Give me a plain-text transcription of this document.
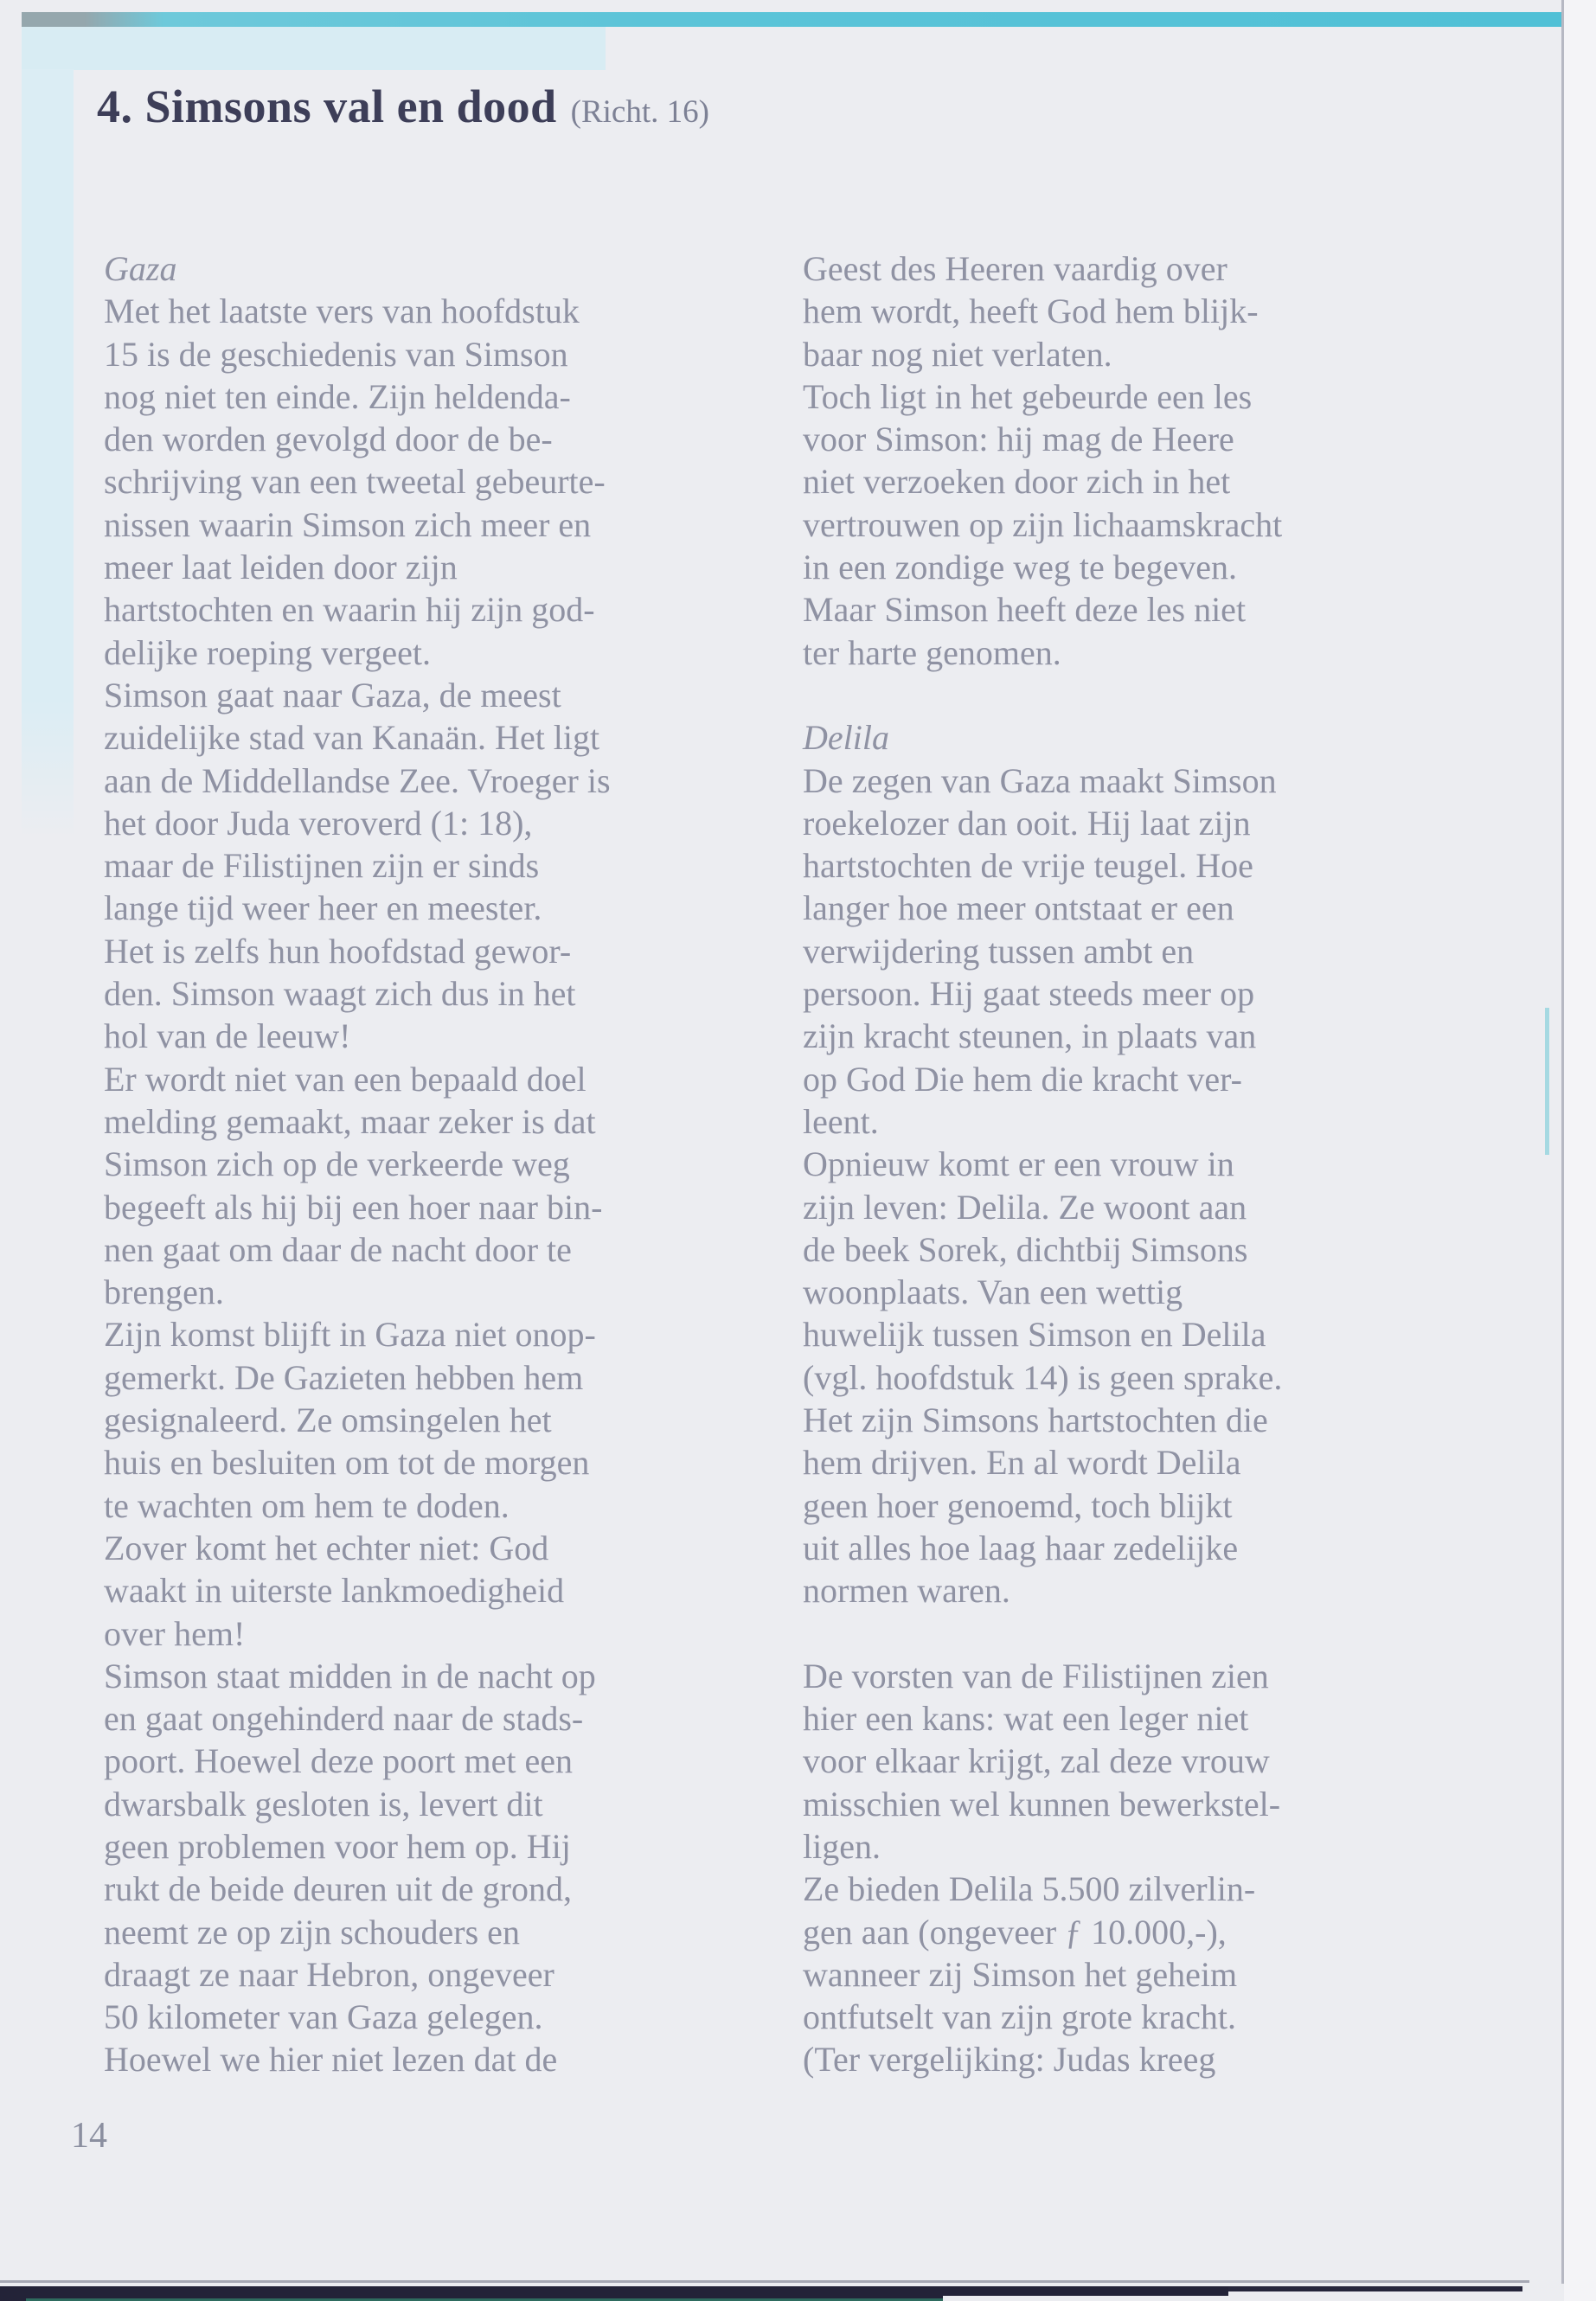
4. Simsons val en dood (Richt. 16)
Gaza
Met het laatste vers van hoofdstuk
15 is de geschiedenis van Simson
nog niet ten einde. Zijn heldenda-
den worden gevolgd door de be-
schrijving van een tweetal gebeurte-
nissen waarin Simson zich meer en
meer laat leiden door zijn
hartstochten en waarin hij zijn god-
delijke roeping vergeet.
Simson gaat naar Gaza, de meest
zuidelijke stad van Kanaän. Het ligt
aan de Middellandse Zee. Vroeger is
het door Juda veroverd (1: 18),
maar de Filistijnen zijn er sinds
lange tijd weer heer en meester.
Het is zelfs hun hoofdstad gewor-
den. Simson waagt zich dus in het
hol van de leeuw!
Er wordt niet van een bepaald doel
melding gemaakt, maar zeker is dat
Simson zich op de verkeerde weg
begeeft als hij bij een hoer naar bin-
nen gaat om daar de nacht door te
brengen.
Zijn komst blijft in Gaza niet onop-
gemerkt. De Gazieten hebben hem
gesignaleerd. Ze omsingelen het
huis en besluiten om tot de morgen
te wachten om hem te doden.
Zover komt het echter niet: God
waakt in uiterste lankmoedigheid
over hem!
Simson staat midden in de nacht op
en gaat ongehinderd naar de stads-
poort. Hoewel deze poort met een
dwarsbalk gesloten is, levert dit
geen problemen voor hem op. Hij
rukt de beide deuren uit de grond,
neemt ze op zijn schouders en
draagt ze naar Hebron, ongeveer
50 kilometer van Gaza gelegen.
Hoewel we hier niet lezen dat de
Geest des Heeren vaardig over
hem wordt, heeft God hem blijk-
baar nog niet verlaten.
Toch ligt in het gebeurde een les
voor Simson: hij mag de Heere
niet verzoeken door zich in het
vertrouwen op zijn lichaamskracht
in een zondige weg te begeven.
Maar Simson heeft deze les niet
ter harte genomen.
Delila
De zegen van Gaza maakt Simson
roekelozer dan ooit. Hij laat zijn
hartstochten de vrije teugel. Hoe
langer hoe meer ontstaat er een
verwijdering tussen ambt en
persoon. Hij gaat steeds meer op
zijn kracht steunen, in plaats van
op God Die hem die kracht ver-
leent.
Opnieuw komt er een vrouw in
zijn leven: Delila. Ze woont aan
de beek Sorek, dichtbij Simsons
woonplaats. Van een wettig
huwelijk tussen Simson en Delila
(vgl. hoofdstuk 14) is geen sprake.
Het zijn Simsons hartstochten die
hem drijven. En al wordt Delila
geen hoer genoemd, toch blijkt
uit alles hoe laag haar zedelijke
normen waren.
De vorsten van de Filistijnen zien
hier een kans: wat een leger niet
voor elkaar krijgt, zal deze vrouw
misschien wel kunnen bewerkstel-
ligen.
Ze bieden Delila 5.500 zilverlin-
gen aan (ongeveer ƒ 10.000,-),
wanneer zij Simson het geheim
ontfutselt van zijn grote kracht.
(Ter vergelijking: Judas kreeg
14
